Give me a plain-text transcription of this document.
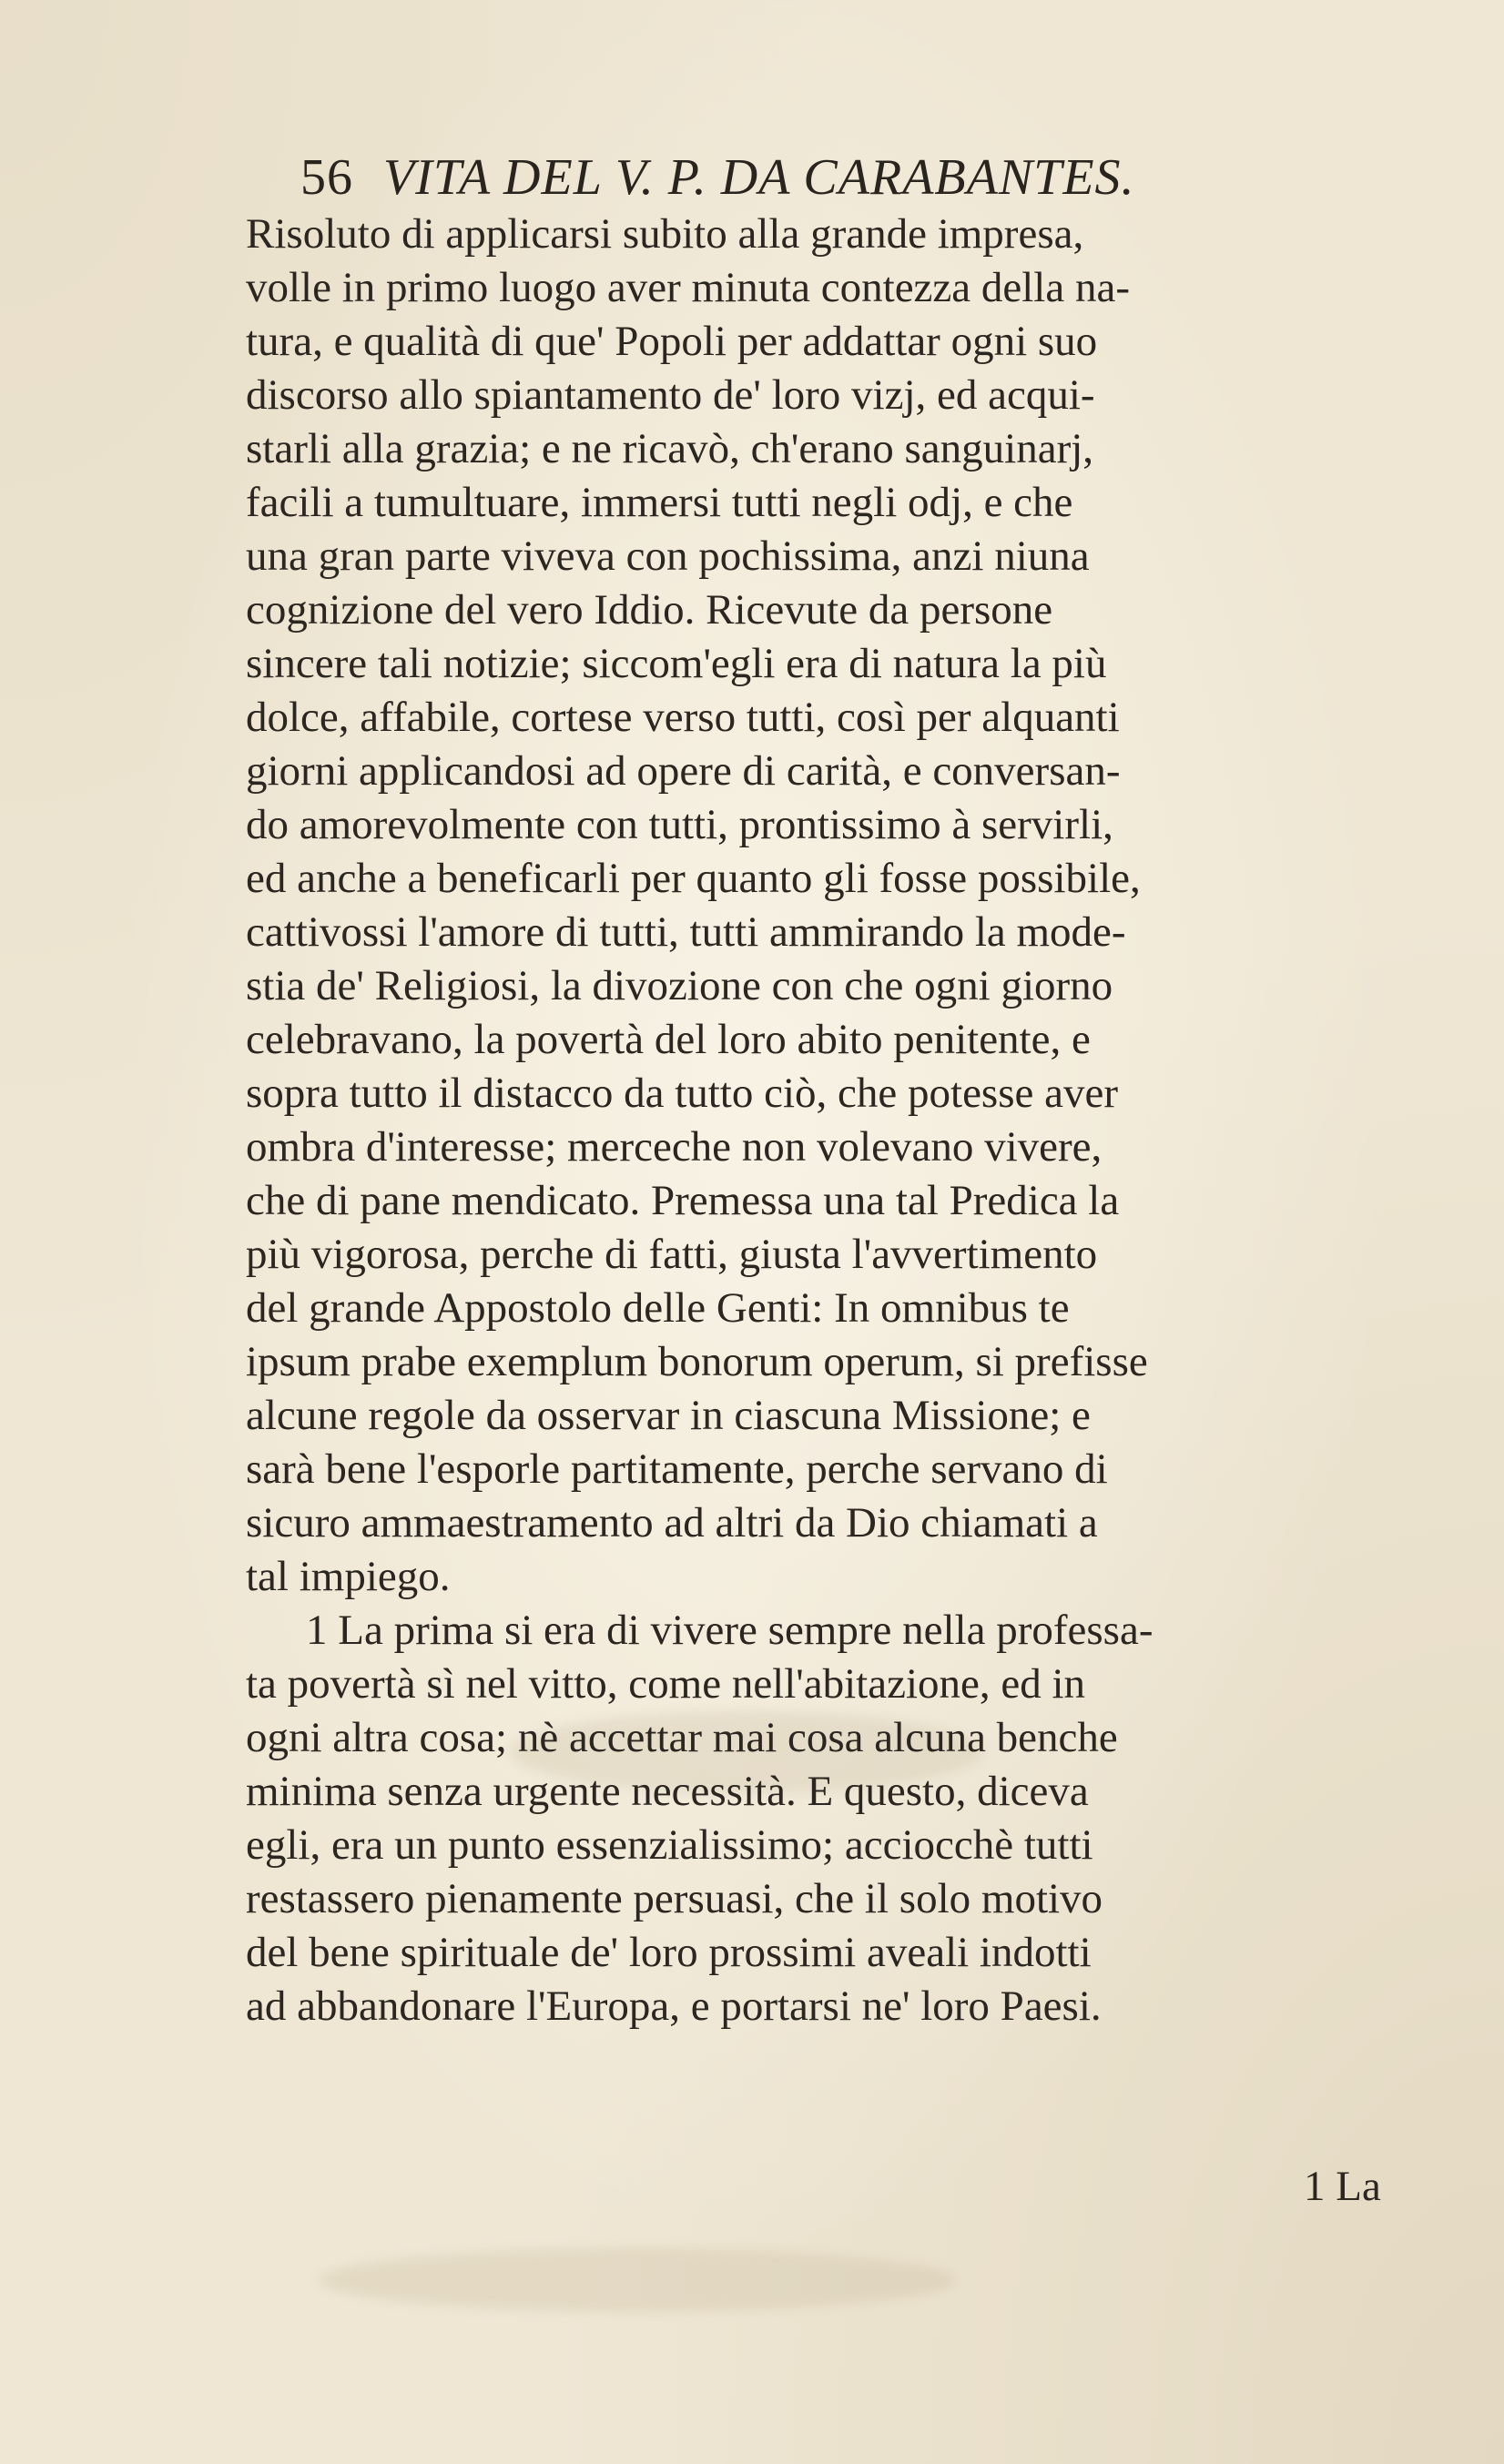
56 VITA DEL V. P. DA CARABANTES.
Risoluto di applicarsi subito alla grande impresa,
volle in primo luogo aver minuta contezza della na-
tura, e qualità di que' Popoli per addattar ogni suo
discorso allo spiantamento de' loro vizj, ed acqui-
starli alla grazia; e ne ricavò, ch'erano sanguinarj,
facili a tumultuare, immersi tutti negli odj, e che
una gran parte viveva con pochissima, anzi niuna
cognizione del vero Iddio. Ricevute da persone
sincere tali notizie; siccom'egli era di natura la più
dolce, affabile, cortese verso tutti, così per alquanti
giorni applicandosi ad opere di carità, e conversan-
do amorevolmente con tutti, prontissimo à servirli,
ed anche a beneficarli per quanto gli fosse possibile,
cattivossi l'amore di tutti, tutti ammirando la mode-
stia de' Religiosi, la divozione con che ogni giorno
celebravano, la povertà del loro abito penitente, e
sopra tutto il distacco da tutto ciò, che potesse aver
ombra d'interesse; merceche non volevano vivere,
che di pane mendicato. Premessa una tal Predica la
più vigorosa, perche di fatti, giusta l'avvertimento
del grande Appostolo delle Genti: In omnibus te
ipsum prabe exemplum bonorum operum, si prefisse
alcune regole da osservar in ciascuna Missione; e
sarà bene l'esporle partitamente, perche servano di
sicuro ammaestramento ad altri da Dio chiamati a
tal impiego.
1 La prima si era di vivere sempre nella professa-
ta povertà sì nel vitto, come nell'abitazione, ed in
ogni altra cosa; nè accettar mai cosa alcuna benche
minima senza urgente necessità. E questo, diceva
egli, era un punto essenzialissimo; acciocchè tutti
restassero pienamente persuasi, che il solo motivo
del bene spirituale de' loro prossimi aveali indotti
ad abbandonare l'Europa, e portarsi ne' loro Paesi.
1 La
